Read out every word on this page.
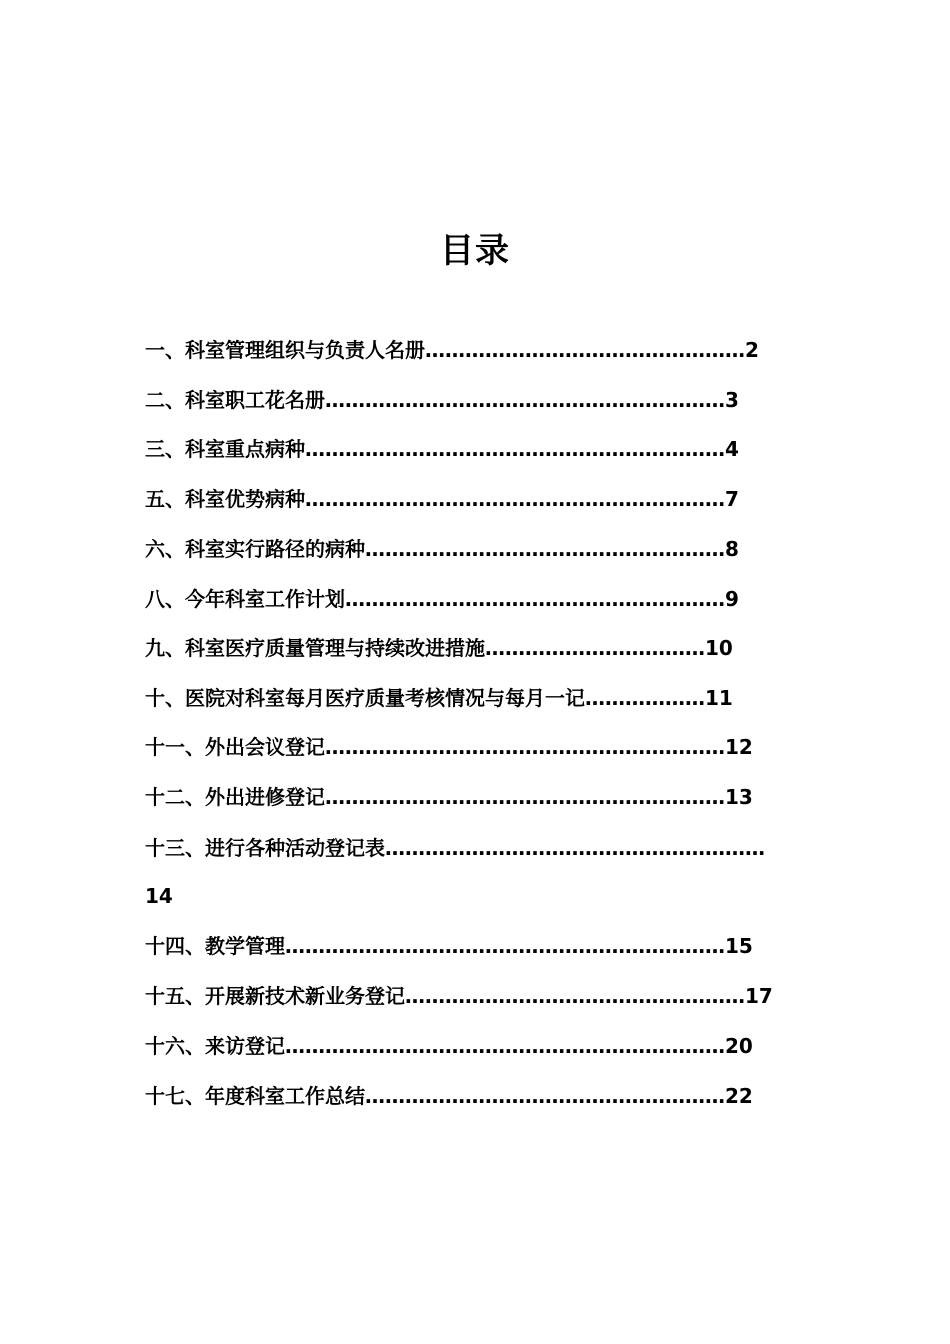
目录
一、科室管理组织与负责人名册…………………………………………2
二、科室职工花名册……………………………………………………3
三、科室重点病种………………………………………………………4
五、科室优势病种………………………………………………………7
六、科室实行路径的病种………………………………………………8
八、今年科室工作计划…………………………………………………9
九、科室医疗质量管理与持续改进措施……………………………10
十、医院对科室每月医疗质量考核情况与每月一记………………11
十一、外出会议登记……………………………………………………12
十二、外出进修登记……………………………………………………13
十三、进行各种活动登记表…………………………………………………
14
十四、教学管理…………………………………………………………15
十五、开展新技术新业务登记……………………………………………17
十六、来访登记…………………………………………………………20
十七、年度科室工作总结………………………………………………22
